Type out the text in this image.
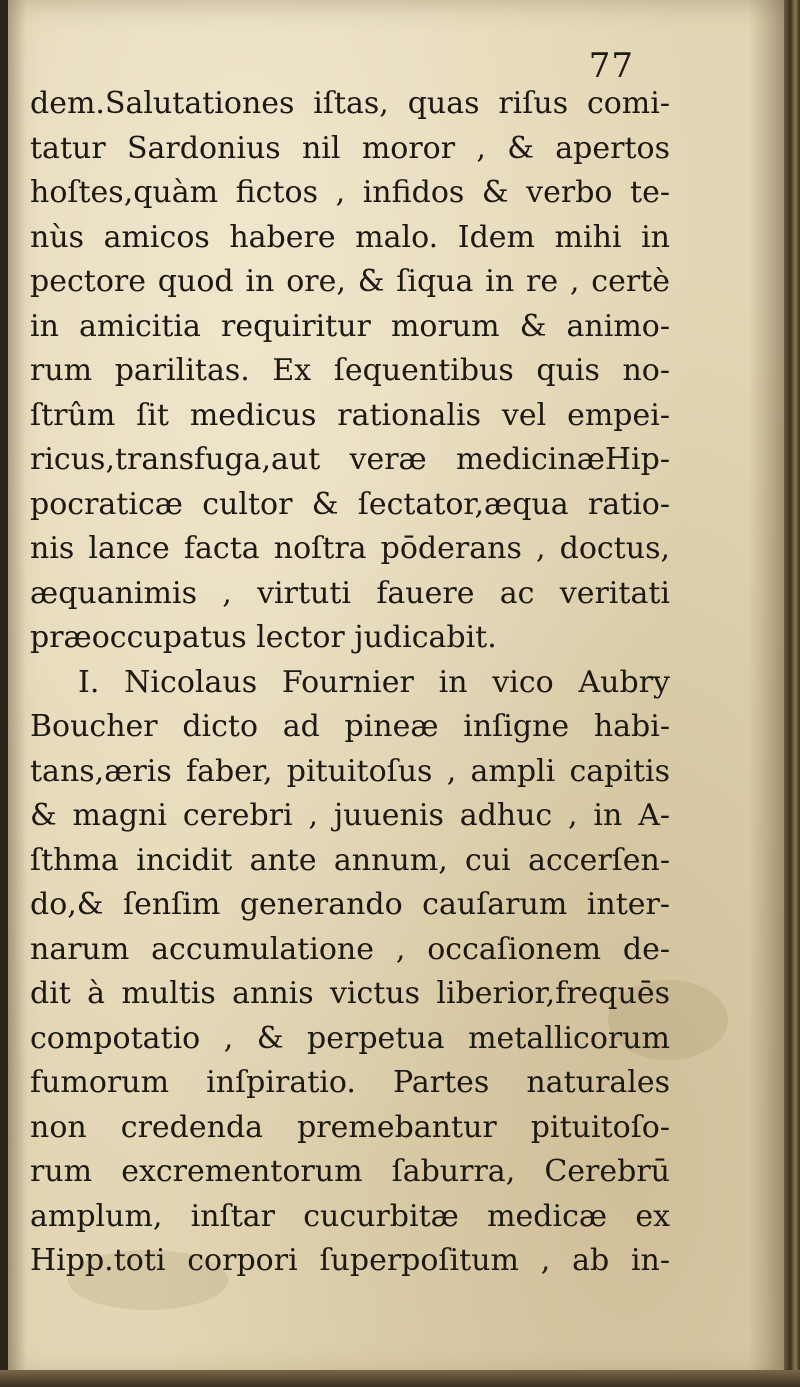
77
dem.Salutationes iſtas, quas riſus comi-
tatur Sardonius nil moror , & apertos
hoſtes,quàm fictos , infidos & verbo te-
nùs amicos habere malo. Idem mihi in
pectore quod in ore, & ſiqua in re , certè
in amicitia requiritur morum & animo-
rum parilitas. Ex ſequentibus quis no-
ſtrûm ſit medicus rationalis vel empei-
ricus,transfuga,aut veræ medicinæHip-
pocraticæ cultor & ſectator,æqua ratio-
nis lance facta noſtra pōderans , doctus,
æquanimis , virtuti fauere ac veritati
præoccupatus lector judicabit.
I. Nicolaus Fournier in vico Aubry
Boucher dicto ad pineæ inſigne habi-
tans,æris faber, pituitoſus , ampli capitis
& magni cerebri , juuenis adhuc , in A-
ſthma incidit ante annum, cui accerſen-
do,& ſenſim generando cauſarum inter-
narum accumulatione , occaſionem de-
dit à multis annis victus liberior,frequēs
compotatio , & perpetua metallicorum
fumorum inſpiratio. Partes naturales
non credenda premebantur pituitoſo-
rum excrementorum ſaburra, Cerebrū
amplum, inſtar cucurbitæ medicæ ex
Hipp.toti corpori ſuperpoſitum , ab in-
